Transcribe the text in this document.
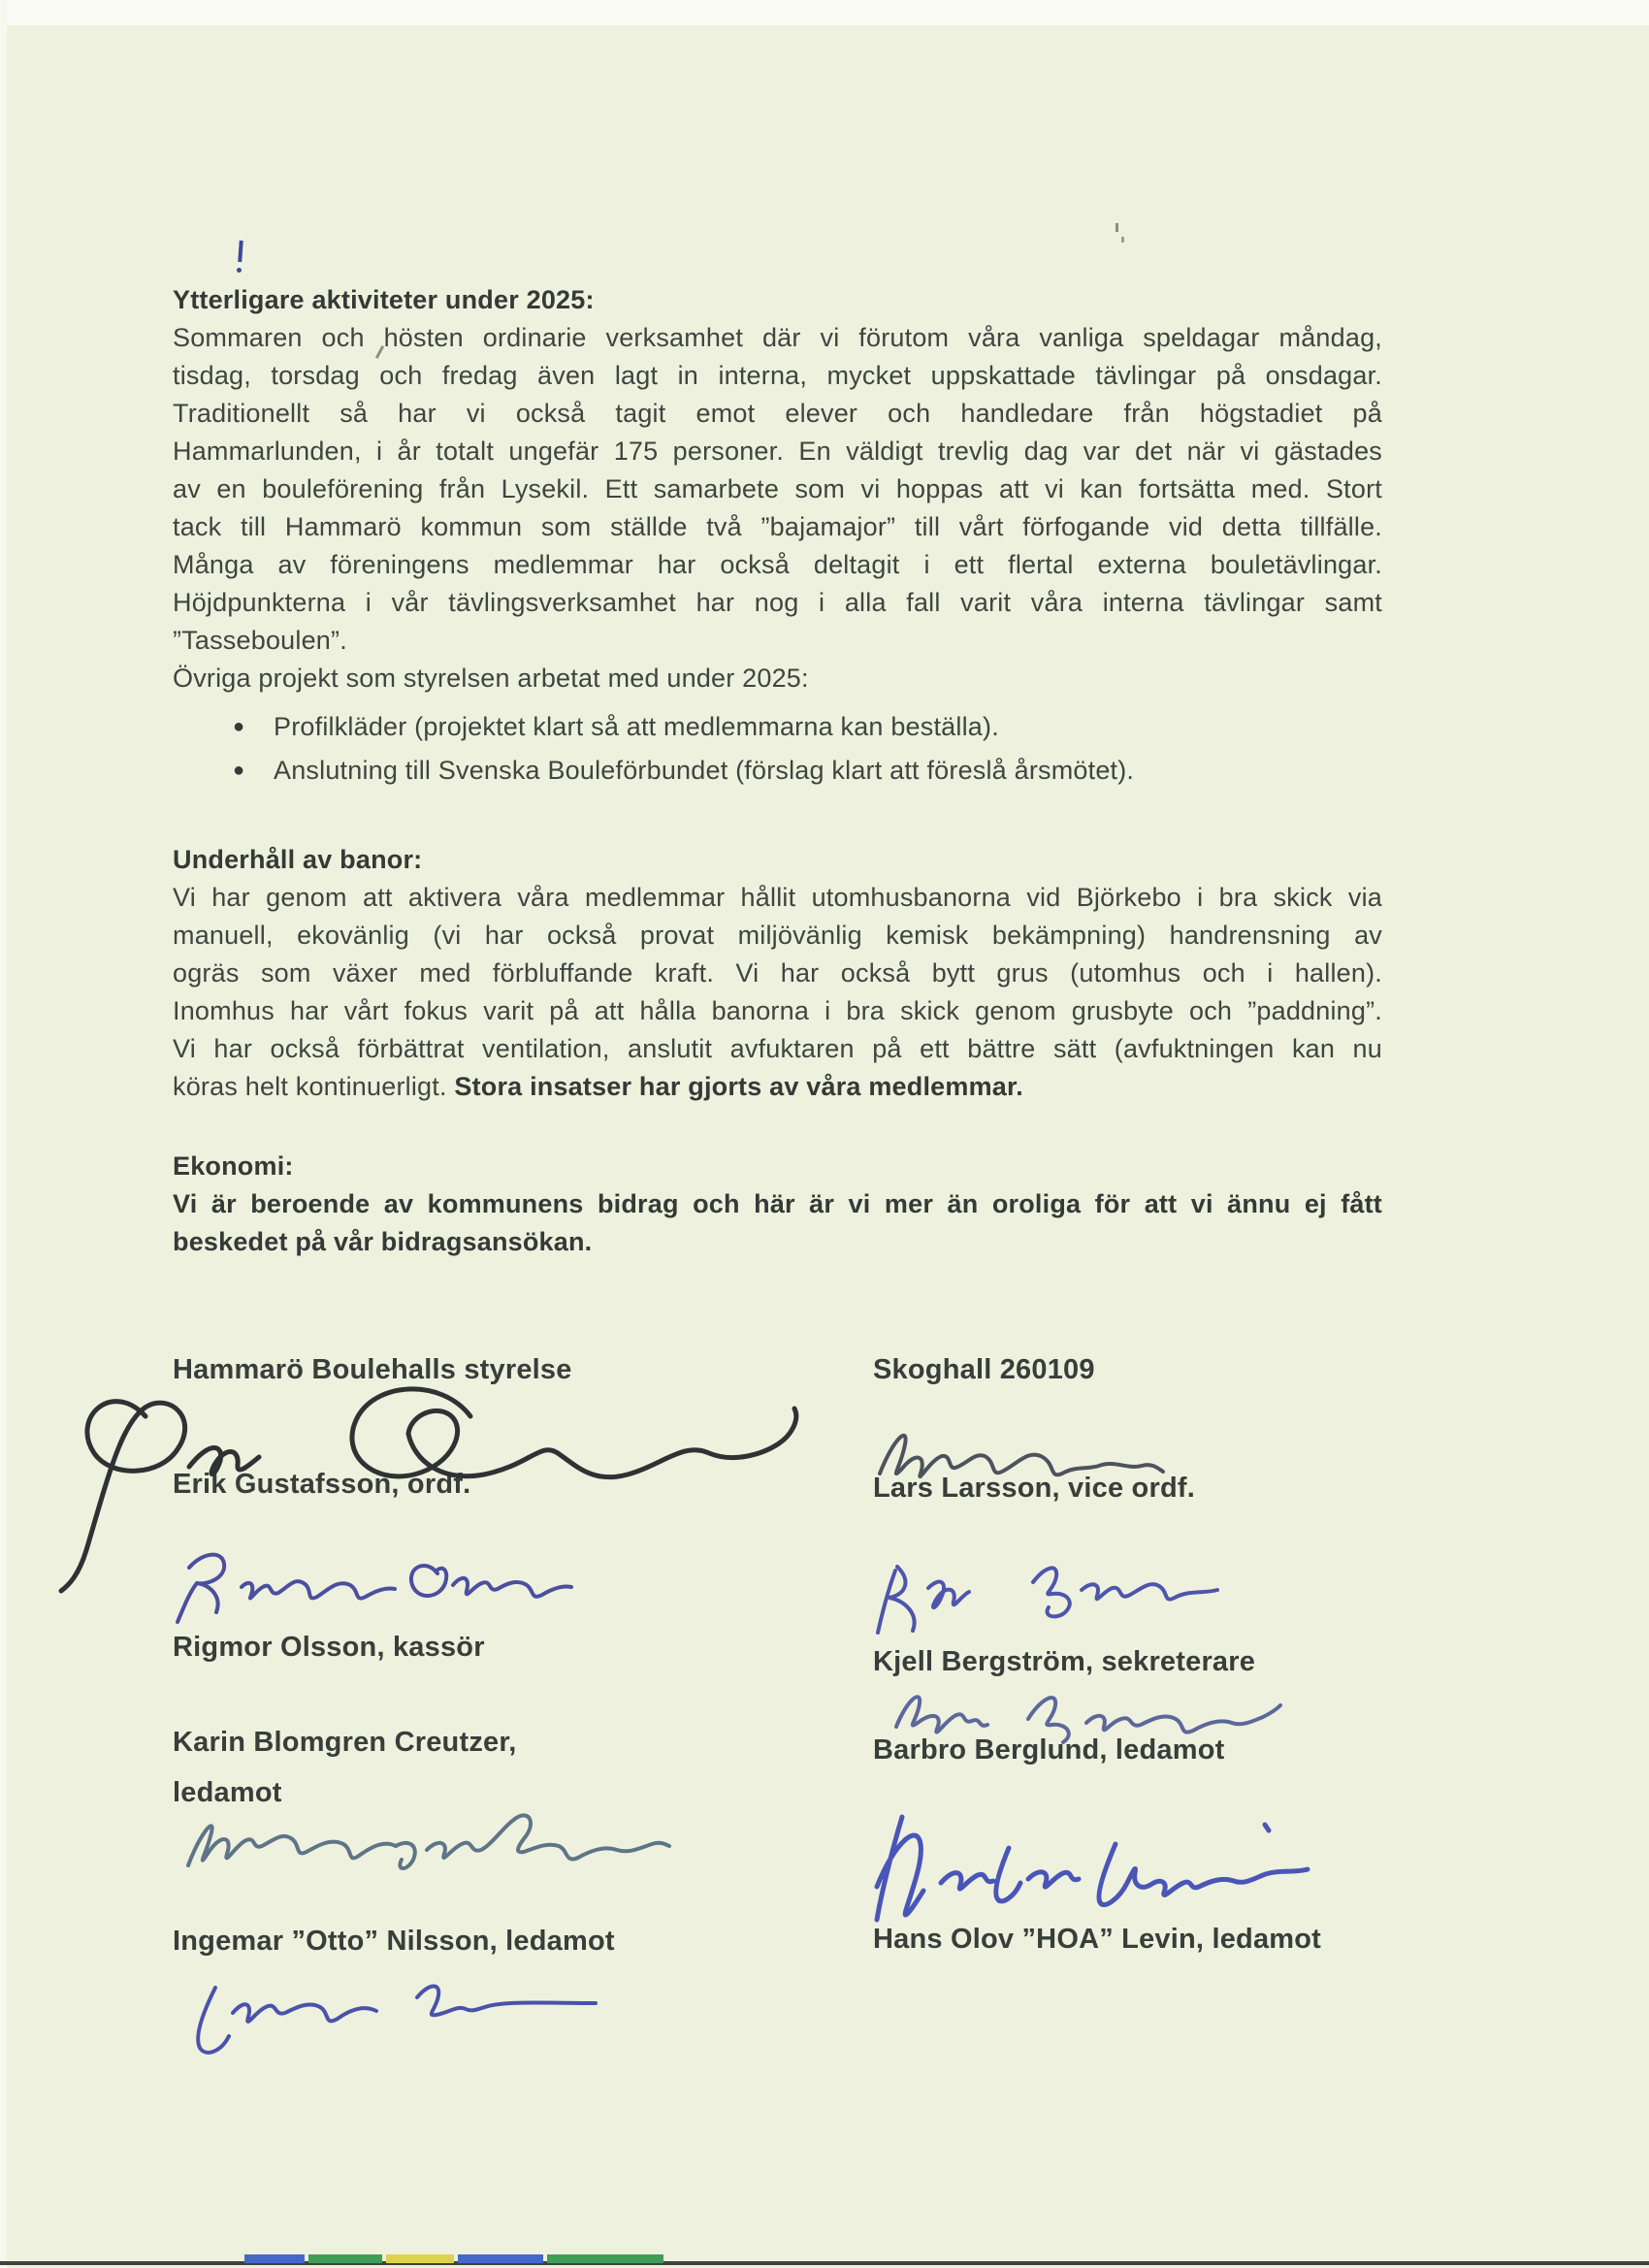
Ytterligare aktiviteter under 2025:
Sommaren och hösten ordinarie verksamhet där vi förutom våra vanliga speldagar måndag,
tisdag, torsdag och fredag även lagt in interna, mycket uppskattade tävlingar på onsdagar.
Traditionellt så har vi också tagit emot elever och handledare från högstadiet på
Hammarlunden, i år totalt ungefär 175 personer. En väldigt trevlig dag var det när vi gästades
av en bouleförening från Lysekil. Ett samarbete som vi hoppas att vi kan fortsätta med. Stort
tack till Hammarö kommun som ställde två ”bajamajor” till vårt förfogande vid detta tillfälle.
Många av föreningens medlemmar har också deltagit i ett flertal externa bouletävlingar.
Höjdpunkterna i vår tävlingsverksamhet har nog i alla fall varit våra interna tävlingar samt
”Tasseboulen”.
Övriga projekt som styrelsen arbetat med under 2025:
●	Profilkläder (projektet klart så att medlemmarna kan beställa).
●	Anslutning till Svenska Bouleförbundet (förslag klart att föreslå årsmötet).
Underhåll av banor:
Vi har genom att aktivera våra medlemmar hållit utomhusbanorna vid Björkebo i bra skick via
manuell, ekovänlig (vi har också provat miljövänlig kemisk bekämpning) handrensning av
ogräs som växer med förbluffande kraft. Vi har också bytt grus (utomhus och i hallen).
Inomhus har vårt fokus varit på att hålla banorna i bra skick genom grusbyte och ”paddning”.
Vi har också förbättrat ventilation, anslutit avfuktaren på ett bättre sätt (avfuktningen kan nu
köras helt kontinuerligt. Stora insatser har gjorts av våra medlemmar.
Ekonomi:
Vi är beroende av kommunens bidrag och här är vi mer än oroliga för att vi ännu ej fått
beskedet på vår bidragsansökan.
Hammarö Boulehalls styrelse	Skoghall 260109
Erik Gustafsson, ordf.	Lars Larsson, vice ordf.
Rigmor Olsson, kassör	Kjell Bergström, sekreterare
Karin Blomgren Creutzer,
ledamot
Barbro Berglund, ledamot
Ingemar ”Otto” Nilsson, ledamot	Hans Olov ”HOA” Levin, ledamot
